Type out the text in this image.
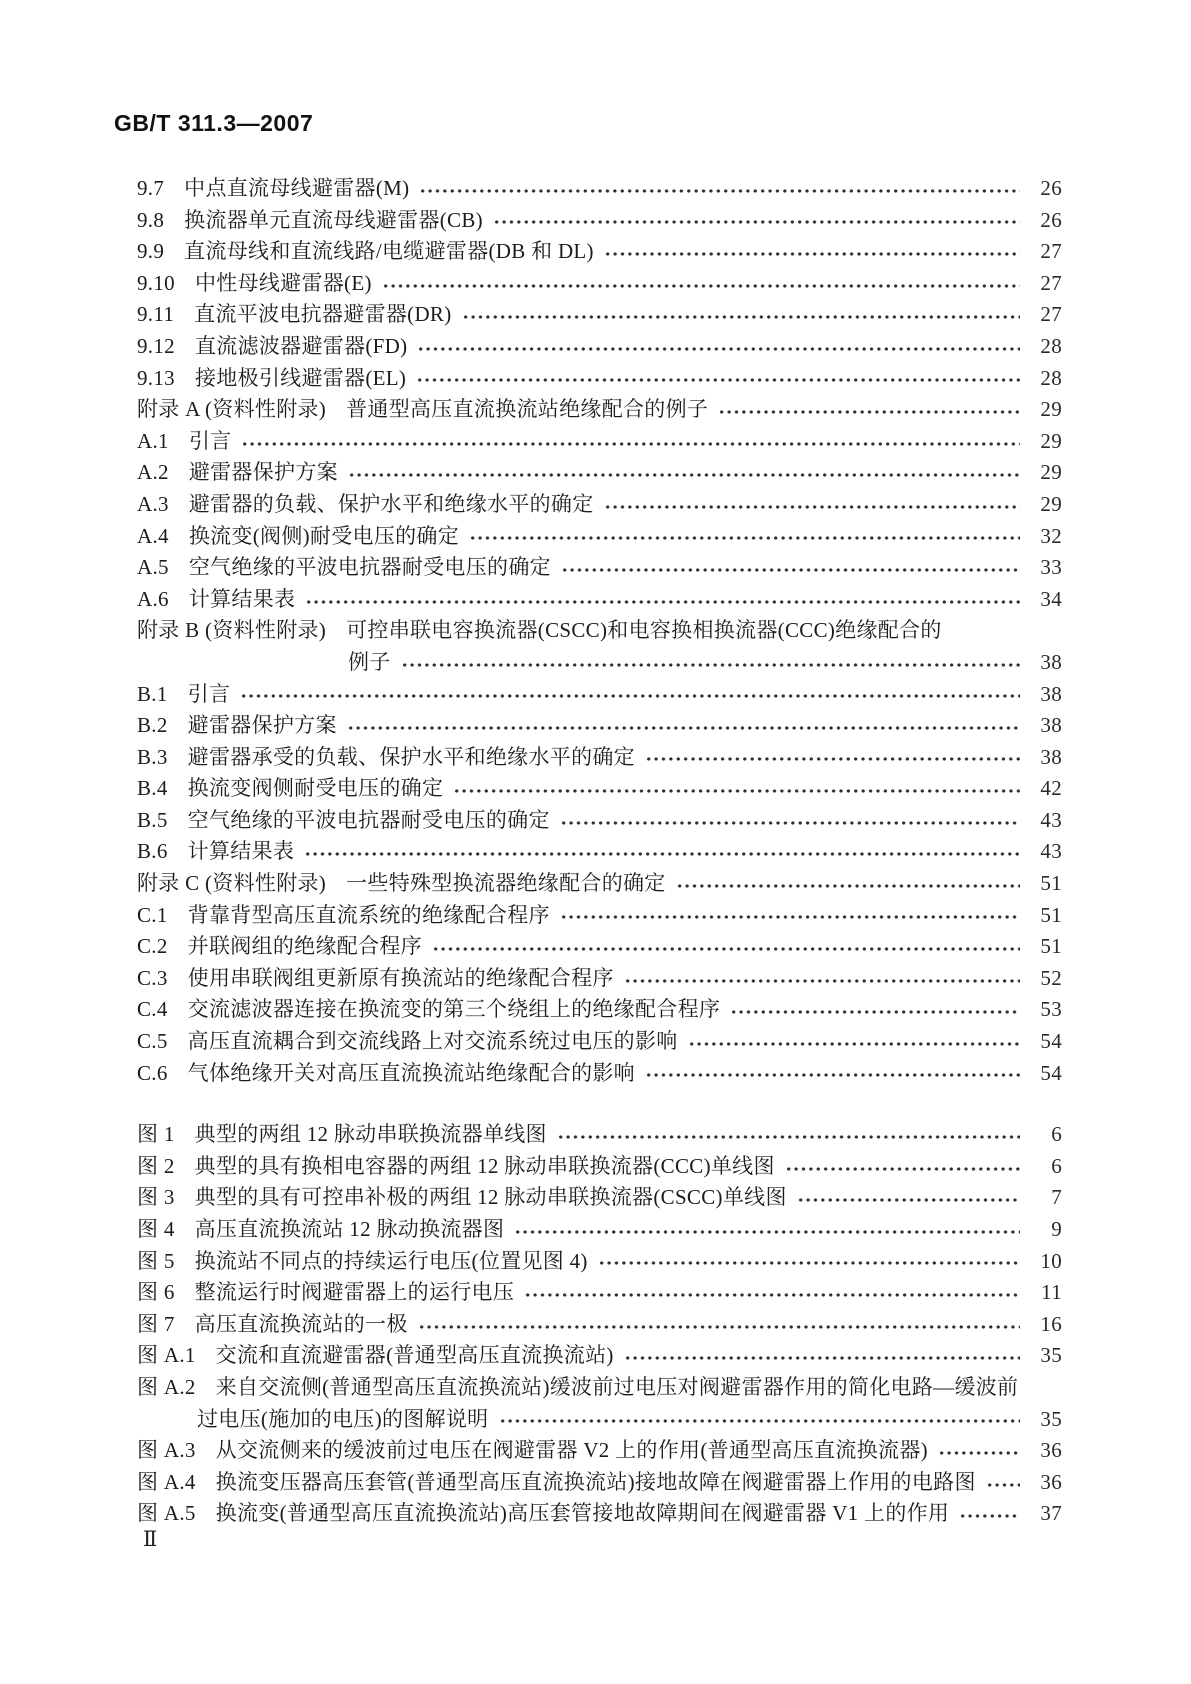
GB/T 311.3—2007
9.7 中点直流母线避雷器(M)	26
9.8 换流器单元直流母线避雷器(CB)	26
9.9 直流母线和直流线路/电缆避雷器(DB 和 DL)	27
9.10 中性母线避雷器(E)	27
9.11 直流平波电抗器避雷器(DR)	27
9.12 直流滤波器避雷器(FD)	28
9.13 接地极引线避雷器(EL)	28
附录 A (资料性附录) 普通型高压直流换流站绝缘配合的例子	29
A.1 引言	29
A.2 避雷器保护方案	29
A.3 避雷器的负载、保护水平和绝缘水平的确定	29
A.4 换流变(阀侧)耐受电压的确定	32
A.5 空气绝缘的平波电抗器耐受电压的确定	33
A.6 计算结果表	34
附录 B (资料性附录) 可控串联电容换流器(CSCC)和电容换相换流器(CCC)绝缘配合的
例子	38
B.1 引言	38
B.2 避雷器保护方案	38
B.3 避雷器承受的负载、保护水平和绝缘水平的确定	38
B.4 换流变阀侧耐受电压的确定	42
B.5 空气绝缘的平波电抗器耐受电压的确定	43
B.6 计算结果表	43
附录 C (资料性附录) 一些特殊型换流器绝缘配合的确定	51
C.1 背靠背型高压直流系统的绝缘配合程序	51
C.2 并联阀组的绝缘配合程序	51
C.3 使用串联阀组更新原有换流站的绝缘配合程序	52
C.4 交流滤波器连接在换流变的第三个绕组上的绝缘配合程序	53
C.5 高压直流耦合到交流线路上对交流系统过电压的影响	54
C.6 气体绝缘开关对高压直流换流站绝缘配合的影响	54
图 1 典型的两组 12 脉动串联换流器单线图	6
图 2 典型的具有换相电容器的两组 12 脉动串联换流器(CCC)单线图	6
图 3 典型的具有可控串补极的两组 12 脉动串联换流器(CSCC)单线图	7
图 4 高压直流换流站 12 脉动换流器图	9
图 5 换流站不同点的持续运行电压(位置见图 4)	10
图 6 整流运行时阀避雷器上的运行电压	11
图 7 高压直流换流站的一极	16
图 A.1 交流和直流避雷器(普通型高压直流换流站)	35
图 A.2 来自交流侧(普通型高压直流换流站)缓波前过电压对阀避雷器作用的简化电路—缓波前
过电压(施加的电压)的图解说明	35
图 A.3 从交流侧来的缓波前过电压在阀避雷器 V2 上的作用(普通型高压直流换流器)	36
图 A.4 换流变压器高压套管(普通型高压直流换流站)接地故障在阀避雷器上作用的电路图	36
图 A.5 换流变(普通型高压直流换流站)高压套管接地故障期间在阀避雷器 V1 上的作用	37
Ⅱ
